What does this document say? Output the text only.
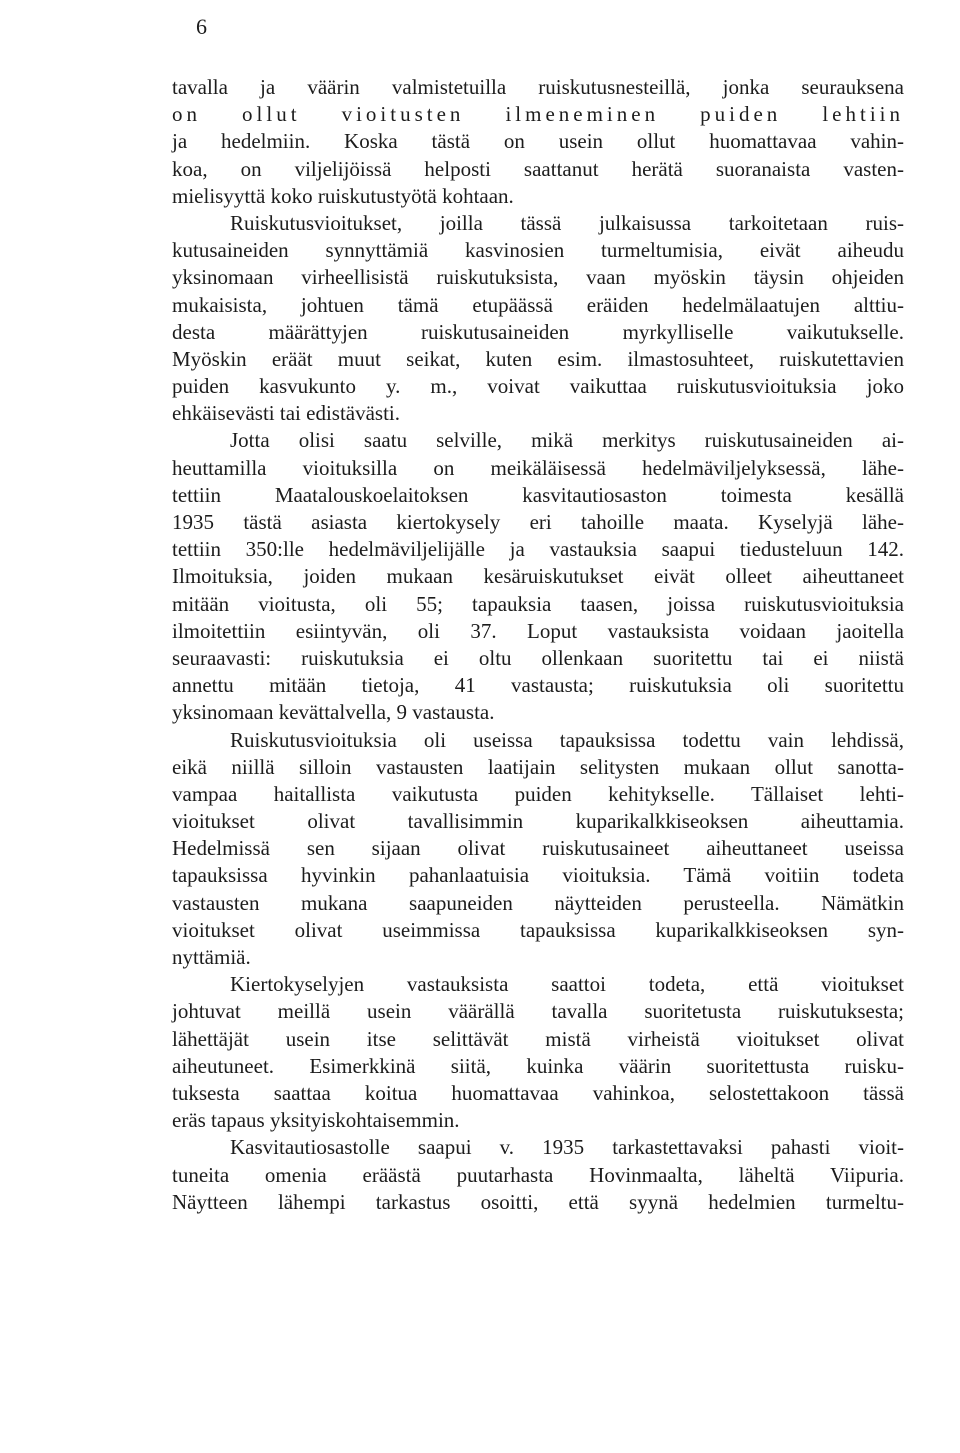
6
tavalla ja väärin valmistetuilla ruiskutusnesteillä, jonka seurauksena
on ollut vioitusten ilmeneminen puiden lehtiin
ja hedelmiin. Koska tästä on usein ollut huomattavaa vahin-
koa, on viljelijöissä helposti saattanut herätä suoranaista vasten-
mielisyyttä koko ruiskutustyötä kohtaan.
Ruiskutusvioitukset, joilla tässä julkaisussa tarkoitetaan ruis-
kutusaineiden synnyttämiä kasvinosien turmeltumisia, eivät aiheudu
yksinomaan virheellisistä ruiskutuksista, vaan myöskin täysin ohjeiden
mukaisista, johtuen tämä etupäässä eräiden hedelmälaatujen alttiu-
desta määrättyjen ruiskutusaineiden myrkylliselle vaikutukselle.
Myöskin eräät muut seikat, kuten esim. ilmastosuhteet, ruiskutettavien
puiden kasvukunto y. m., voivat vaikuttaa ruiskutusvioituksia joko
ehkäisevästi tai edistävästi.
Jotta olisi saatu selville, mikä merkitys ruiskutusaineiden ai-
heuttamilla vioituksilla on meikäläisessä hedelmäviljelyksessä, lähe-
tettiin Maatalouskoelaitoksen kasvitautiosaston toimesta kesällä
1935 tästä asiasta kiertokysely eri tahoille maata. Kyselyjä lähe-
tettiin 350:lle hedelmäviljelijälle ja vastauksia saapui tiedusteluun 142.
Ilmoituksia, joiden mukaan kesäruiskutukset eivät olleet aiheuttaneet
mitään vioitusta, oli 55; tapauksia taasen, joissa ruiskutusvioituksia
ilmoitettiin esiintyvän, oli 37. Loput vastauksista voidaan jaoitella
seuraavasti: ruiskutuksia ei oltu ollenkaan suoritettu tai ei niistä
annettu mitään tietoja, 41 vastausta; ruiskutuksia oli suoritettu
yksinomaan kevättalvella, 9 vastausta.
Ruiskutusvioituksia oli useissa tapauksissa todettu vain lehdissä,
eikä niillä silloin vastausten laatijain selitysten mukaan ollut sanotta-
vampaa haitallista vaikutusta puiden kehitykselle. Tällaiset lehti-
vioitukset olivat tavallisimmin kuparikalkkiseoksen aiheuttamia.
Hedelmissä sen sijaan olivat ruiskutusaineet aiheuttaneet useissa
tapauksissa hyvinkin pahanlaatuisia vioituksia. Tämä voitiin todeta
vastausten mukana saapuneiden näytteiden perusteella. Nämätkin
vioitukset olivat useimmissa tapauksissa kuparikalkkiseoksen syn-
nyttämiä.
Kiertokyselyjen vastauksista saattoi todeta, että vioitukset
johtuvat meillä usein väärällä tavalla suoritetusta ruiskutuksesta;
lähettäjät usein itse selittävät mistä virheistä vioitukset olivat
aiheutuneet. Esimerkkinä siitä, kuinka väärin suoritettusta ruisku-
tuksesta saattaa koitua huomattavaa vahinkoa, selostettakoon tässä
eräs tapaus yksityiskohtaisemmin.
Kasvitautiosastolle saapui v. 1935 tarkastettavaksi pahasti vioit-
tuneita omenia eräästä puutarhasta Hovinmaalta, läheltä Viipuria.
Näytteen lähempi tarkastus osoitti, että syynä hedelmien turmeltu-
